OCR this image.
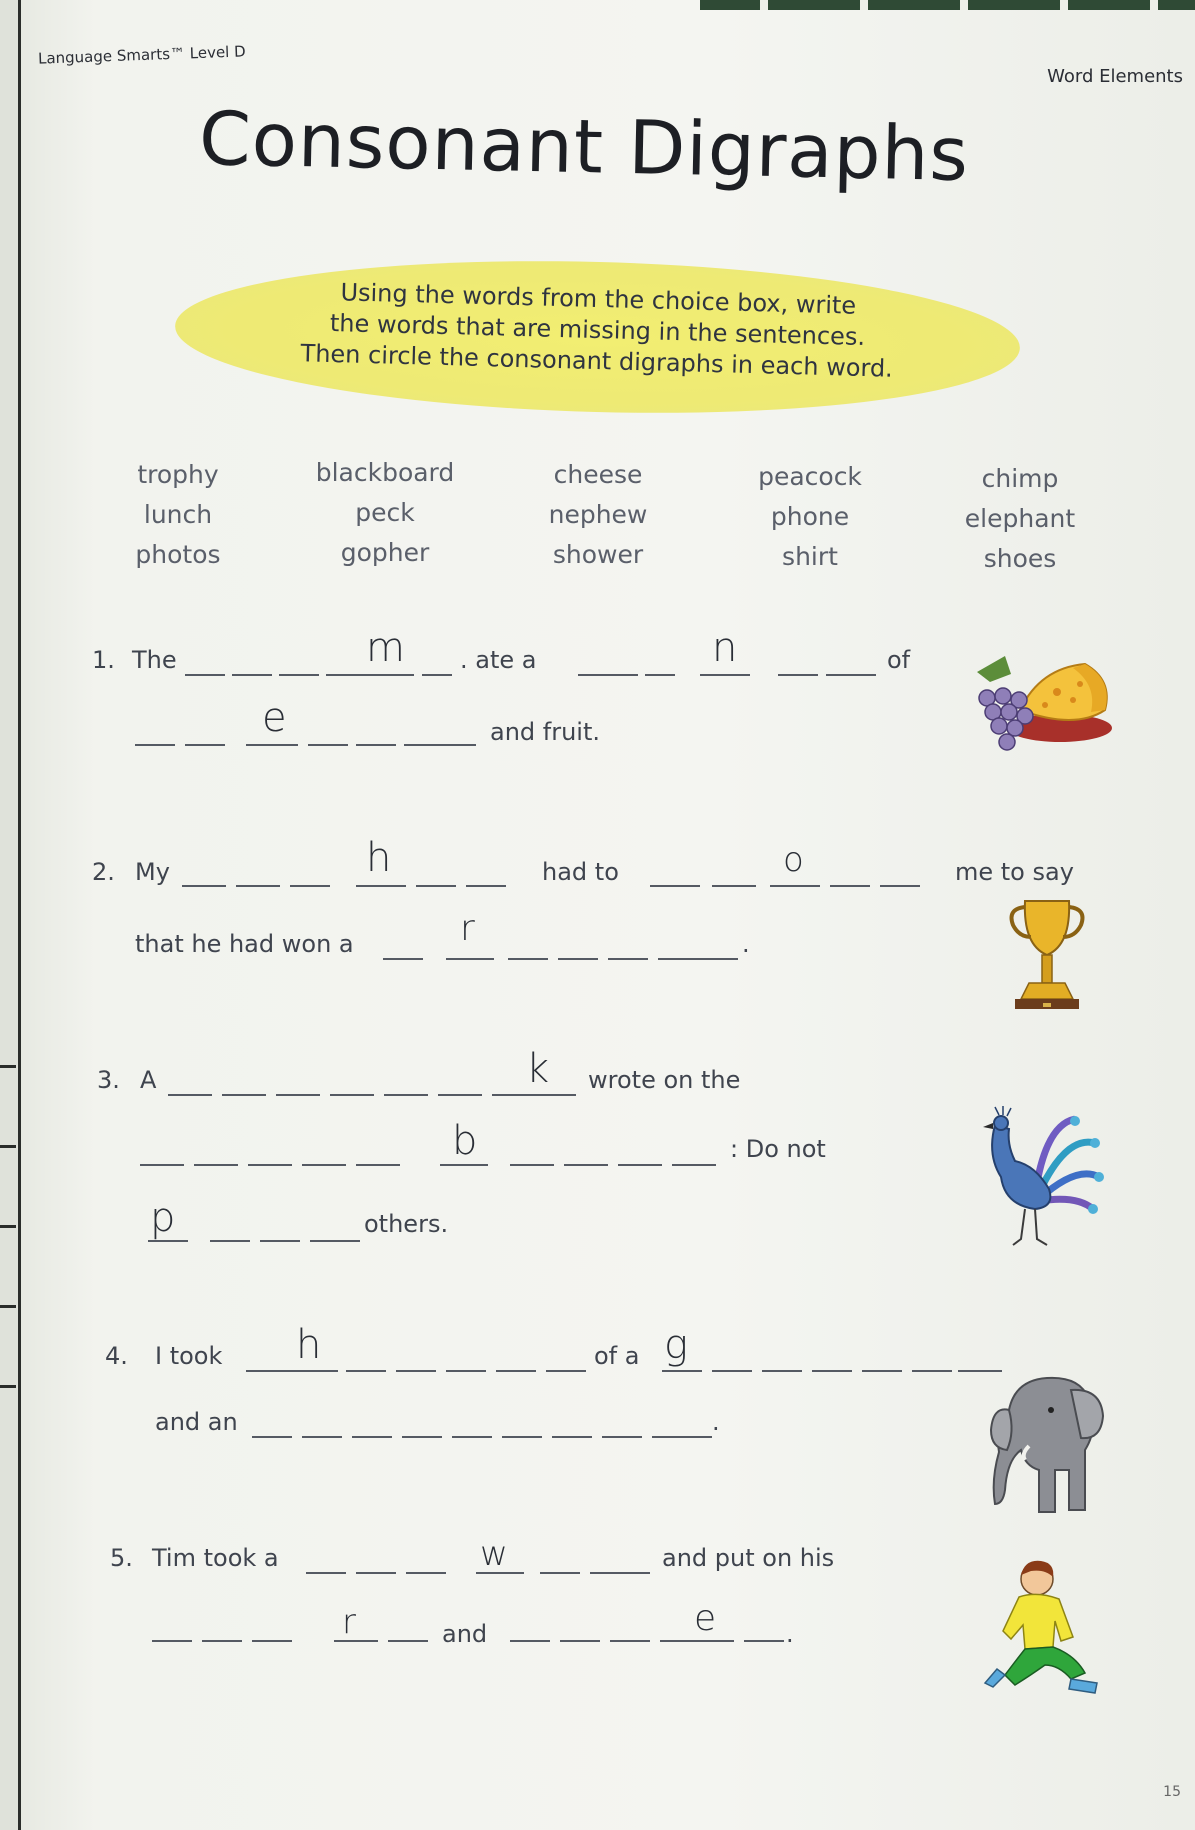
Language Smarts™ Level D
Word Elements
Consonant Digraphs
Using the words from the choice box, write
the words that are missing in the sentences.
Then circle the consonant digraphs in each word.
trophy
lunch
photos
blackboard
peck
gopher
cheese
nephew
shower
peacock
phone
shirt
chimp
elephant
shoes
1. The	m . ate a	n	of
e	and fruit.
2. My	h	had to	o	me to say
that he had won a	r	.
3. A	k wrote on the
b	: Do not
p	others.
4. I took h	of a g
and an	.
5. Tim took a	w	and put on his
r	and	e	.
15
